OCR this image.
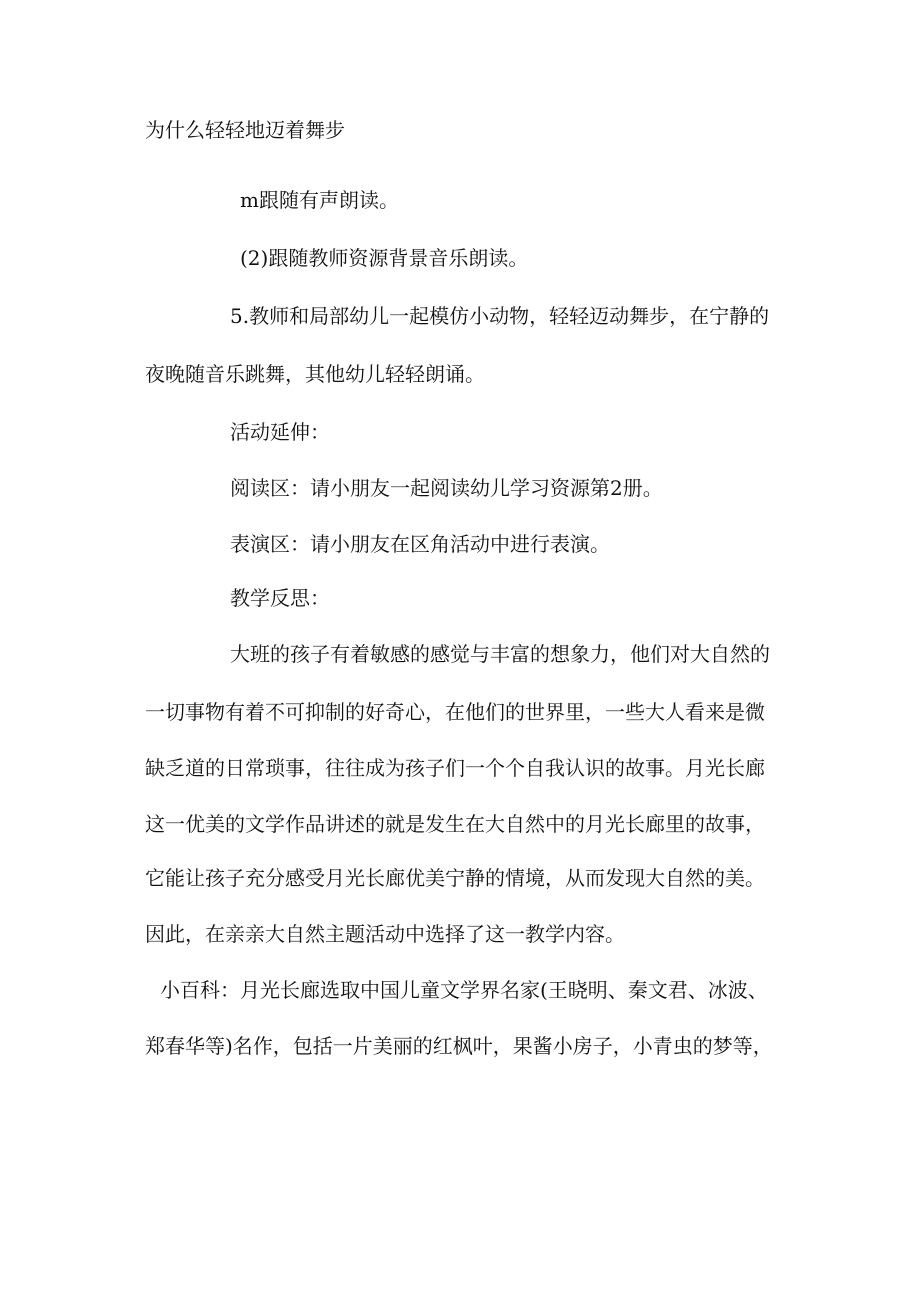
为什么轻轻地迈着舞步

m跟随有声朗读。

(2)跟随教师资源背景音乐朗读。

5.教师和局部幼儿一起模仿小动物，轻轻迈动舞步，在宁静的

夜晚随音乐跳舞，其他幼儿轻轻朗诵。

活动延伸：

阅读区：请小朋友一起阅读幼儿学习资源第2册。

表演区：请小朋友在区角活动中进行表演。

教学反思：

大班的孩子有着敏感的感觉与丰富的想象力，他们对大自然的

一切事物有着不可抑制的好奇心，在他们的世界里，一些大人看来是微

缺乏道的日常琐事，往往成为孩子们一个个自我认识的故事。月光长廊

这一优美的文学作品讲述的就是发生在大自然中的月光长廊里的故事，

它能让孩子充分感受月光长廊优美宁静的情境，从而发现大自然的美。

因此，在亲亲大自然主题活动中选择了这一教学内容。

小百科：月光长廊选取中国儿童文学界名家(王晓明、秦文君、冰波、

郑春华等)名作，包括一片美丽的红枫叶，果酱小房子，小青虫的梦等，
